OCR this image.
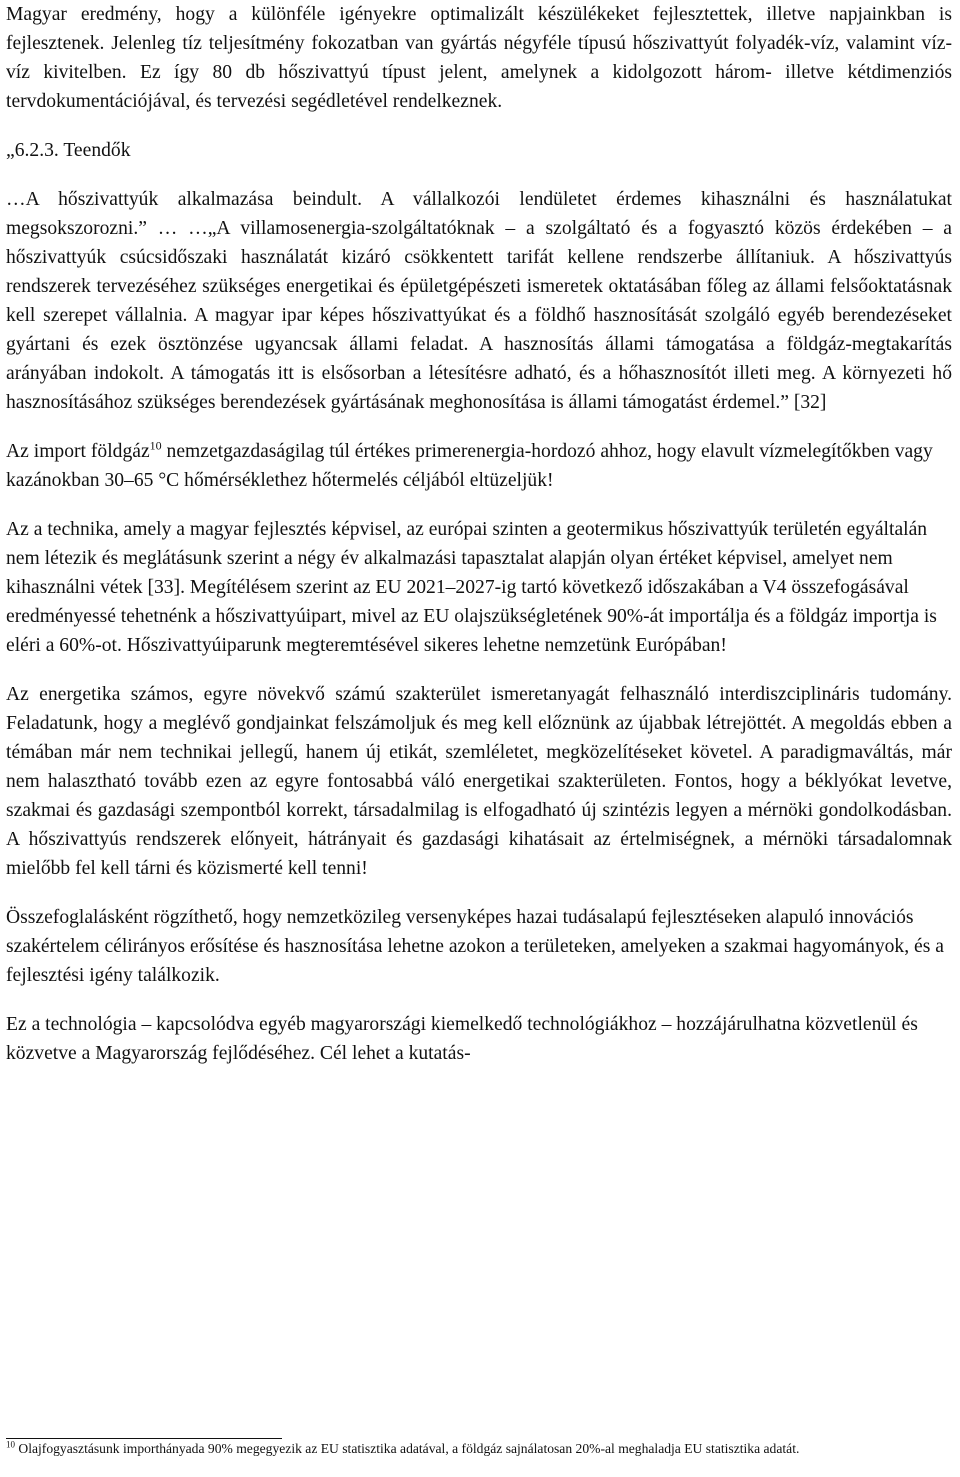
Magyar eredmény, hogy a különféle igényekre optimalizált készülékeket fejlesztettek, illetve napjainkban is fejlesztenek. Jelenleg tíz teljesítmény fokozatban van gyártás négyféle típusú hőszivattyút folyadék-víz, valamint víz-víz kivitelben. Ez így 80 db hőszivattyú típust jelent, amelynek a kidolgozott három- illetve kétdimenziós tervdokumentációjával, és tervezési segédletével rendelkeznek.

„6.2.3. Teendők

…A hőszivattyúk alkalmazása beindult. A vállalkozói lendületet érdemes kihasználni és használatukat megsokszorozni.” … …„A villamosenergia-szolgáltatóknak – a szolgáltató és a fogyasztó közös érdekében – a hőszivattyúk csúcsidőszaki használatát kizáró csökkentett tarifát kellene rendszerbe állítaniuk. A hőszivattyús rendszerek tervezéséhez szükséges energetikai és épületgépészeti ismeretek oktatásában főleg az állami felsőoktatásnak kell szerepet vállalnia. A magyar ipar képes hőszivattyúkat és a földhő hasznosítását szolgáló egyéb berendezéseket gyártani és ezek ösztönzése ugyancsak állami feladat. A hasznosítás állami támogatása a földgáz-megtakarítás arányában indokolt. A támogatás itt is elsősorban a létesítésre adható, és a hőhasznosítót illeti meg. A környezeti hő hasznosításához szükséges berendezések gyártásának meghonosítása is állami támogatást érdemel.” [32]

Az import földgáz$^{10}$ nemzetgazdaságilag túl értékes primerenergia-hordozó ahhoz, hogy elavult vízmelegítőkben vagy kazánokban 30–65 °C hőmérséklethez hőtermelés céljából eltüzeljük!

Az a technika, amely a magyar fejlesztés képvisel, az európai szinten a geotermikus hőszivattyúk területén egyáltalán nem létezik és meglátásunk szerint a négy év alkalmazási tapasztalat alapján olyan értéket képvisel, amelyet nem kihasználni vétek [33]. Megítélésem szerint az EU 2021–2027-ig tartó következő időszakában a V4 összefogásával eredményessé tehetnénk a hőszivattyúipart, mivel az EU olajszükségletének 90%-át importálja és a földgáz importja is eléri a 60%-ot. Hőszivattyúiparunk megteremtésével sikeres lehetne nemzetünk Európában!

Az energetika számos, egyre növekvő számú szakterület ismeretanyagát felhasználó interdiszciplináris tudomány. Feladatunk, hogy a meglévő gondjainkat felszámoljuk és meg kell előznünk az újabbak létrejöttét. A megoldás ebben a témában már nem technikai jellegű, hanem új etikát, szemléletet, megközelítéseket követel. A paradigmaváltás, már nem halasztható tovább ezen az egyre fontosabbá váló energetikai szakterületen. Fontos, hogy a béklyókat levetve, szakmai és gazdasági szempontból korrekt, társadalmilag is elfogadható új szintézis legyen a mérnöki gondolkodásban. A hőszivattyús rendszerek előnyeit, hátrányait és gazdasági kihatásait az értelmiségnek, a mérnöki társadalomnak mielőbb fel kell tárni és közismerté kell tenni!

Összefoglalásként rögzíthető, hogy nemzetközileg versenyképes hazai tudásalapú fejlesztéseken alapuló innovációs szakértelem célirányos erősítése és hasznosítása lehetne azokon a területeken, amelyeken a szakmai hagyományok, és a fejlesztési igény találkozik.

Ez a technológia – kapcsolódva egyéb magyarországi kiemelkedő technológiákhoz – hozzájárulhatna közvetlenül és közvetve a Magyarország fejlődéséhez. Cél lehet a kutatás-

$^{10}$ Olajfogyasztásunk importhányada 90% megegyezik az EU statisztika adatával, a földgáz sajnálatosan 20%-al meghaladja EU statisztika adatát.
